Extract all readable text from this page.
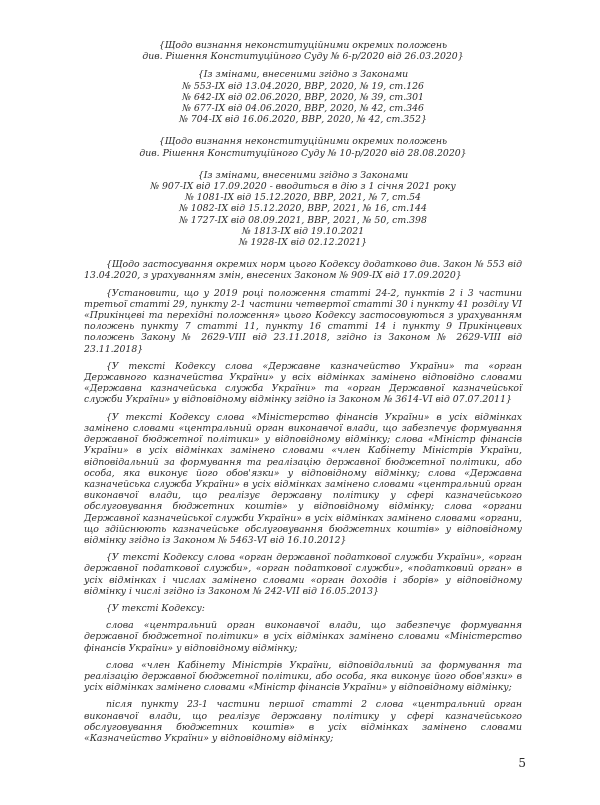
{Щодо визнання неконституційними окремих положень
див. Рішення Конституційного Суду № 6-р/2020 від 26.03.2020}
{Із змінами, внесеними згідно з Законами
№ 553-IX від 13.04.2020, ВВР, 2020, № 19, ст.126
№ 642-IX від 02.06.2020, ВВР, 2020, № 39, ст.301
№ 677-IX від 04.06.2020, ВВР, 2020, № 42, ст.346
№ 704-IX від 16.06.2020, ВВР, 2020, № 42, ст.352}
{Щодо визнання неконституційними окремих положень
див. Рішення Конституційного Суду № 10-р/2020 від 28.08.2020}
{Із змінами, внесеними згідно з Законами
№ 907-IX від 17.09.2020 - вводиться в дію з 1 січня 2021 року
№ 1081-IX від 15.12.2020, ВВР, 2021, № 7, ст.54
№ 1082-IX від 15.12.2020, ВВР, 2021, № 16, ст.144
№ 1727-IX від 08.09.2021, ВВР, 2021, № 50, ст.398
№ 1813-IX від 19.10.2021
№ 1928-IX від 02.12.2021}

{Щодо застосування окремих норм цього Кодексу додатково див. Закон № 553 від 13.04.2020, з урахуванням змін, внесених Законом № 909-IX від 17.09.2020}

{Установити, що у 2019 році положення статті 24-2, пунктів 2 і 3 частини третьої статті 29, пункту 2-1 частини четвертої статті 30 і пункту 41 розділу VI «Прикінцеві та перехідні положення» цього Кодексу застосовуються з урахуванням положень пункту 7 статті 11, пункту 16 статті 14 і пункту 9 Прикінцевих положень Закону № 2629-VIII від 23.11.2018, згідно із Законом № 2629-VIII від 23.11.2018}

{У тексті Кодексу слова «Державне казначейство України» та «орган Державного казначейства України» у всіх відмінках замінено відповідно словами «Державна казначейська служба України» та «орган Державної казначейської служби України» у відповідному відмінку згідно із Законом № 3614-VI від 07.07.2011}

{У тексті Кодексу слова «Міністерство фінансів України» в усіх відмінках замінено словами «центральний орган виконавчої влади, що забезпечує формування державної бюджетної політики» у відповідному відмінку; слова «Міністр фінансів України» в усіх відмінках замінено словами «член Кабінету Міністрів України, відповідальний за формування та реалізацію державної бюджетної політики, або особа, яка виконує його обов'язки» у відповідному відмінку; слова «Державна казначейська служба України» в усіх відмінках замінено словами «центральний орган виконавчої влади, що реалізує державну політику у сфері казначейського обслуговування бюджетних коштів» у відповідному відмінку; слова «органи Державної казначейської служби України» в усіх відмінках замінено словами «органи, що здійснюють казначейське обслуговування бюджетних коштів» у відповідному відмінку згідно із Законом № 5463-VI від 16.10.2012}

{У тексті Кодексу слова «орган державної податкової служби України», «орган державної податкової служби», «орган податкової служби», «податковий орган» в усіх відмінках і числах замінено словами «орган доходів і зборів» у відповідному відмінку і числі згідно із Законом № 242-VII від 16.05.2013}

{У тексті Кодексу:

слова «центральний орган виконавчої влади, що забезпечує формування державної бюджетної політики» в усіх відмінках замінено словами «Міністерство фінансів України» у відповідному відмінку;

слова «член Кабінету Міністрів України, відповідальний за формування та реалізацію державної бюджетної політики, або особа, яка виконує його обов'язки» в усіх відмінках замінено словами «Міністр фінансів України» у відповідному відмінку;

після пункту 23-1 частини першої статті 2 слова «центральний орган виконавчої влади, що реалізує державну політику у сфері казначейського обслуговування бюджетних коштів» в усіх відмінках замінено словами «Казначейство України» у відповідному відмінку;

5
